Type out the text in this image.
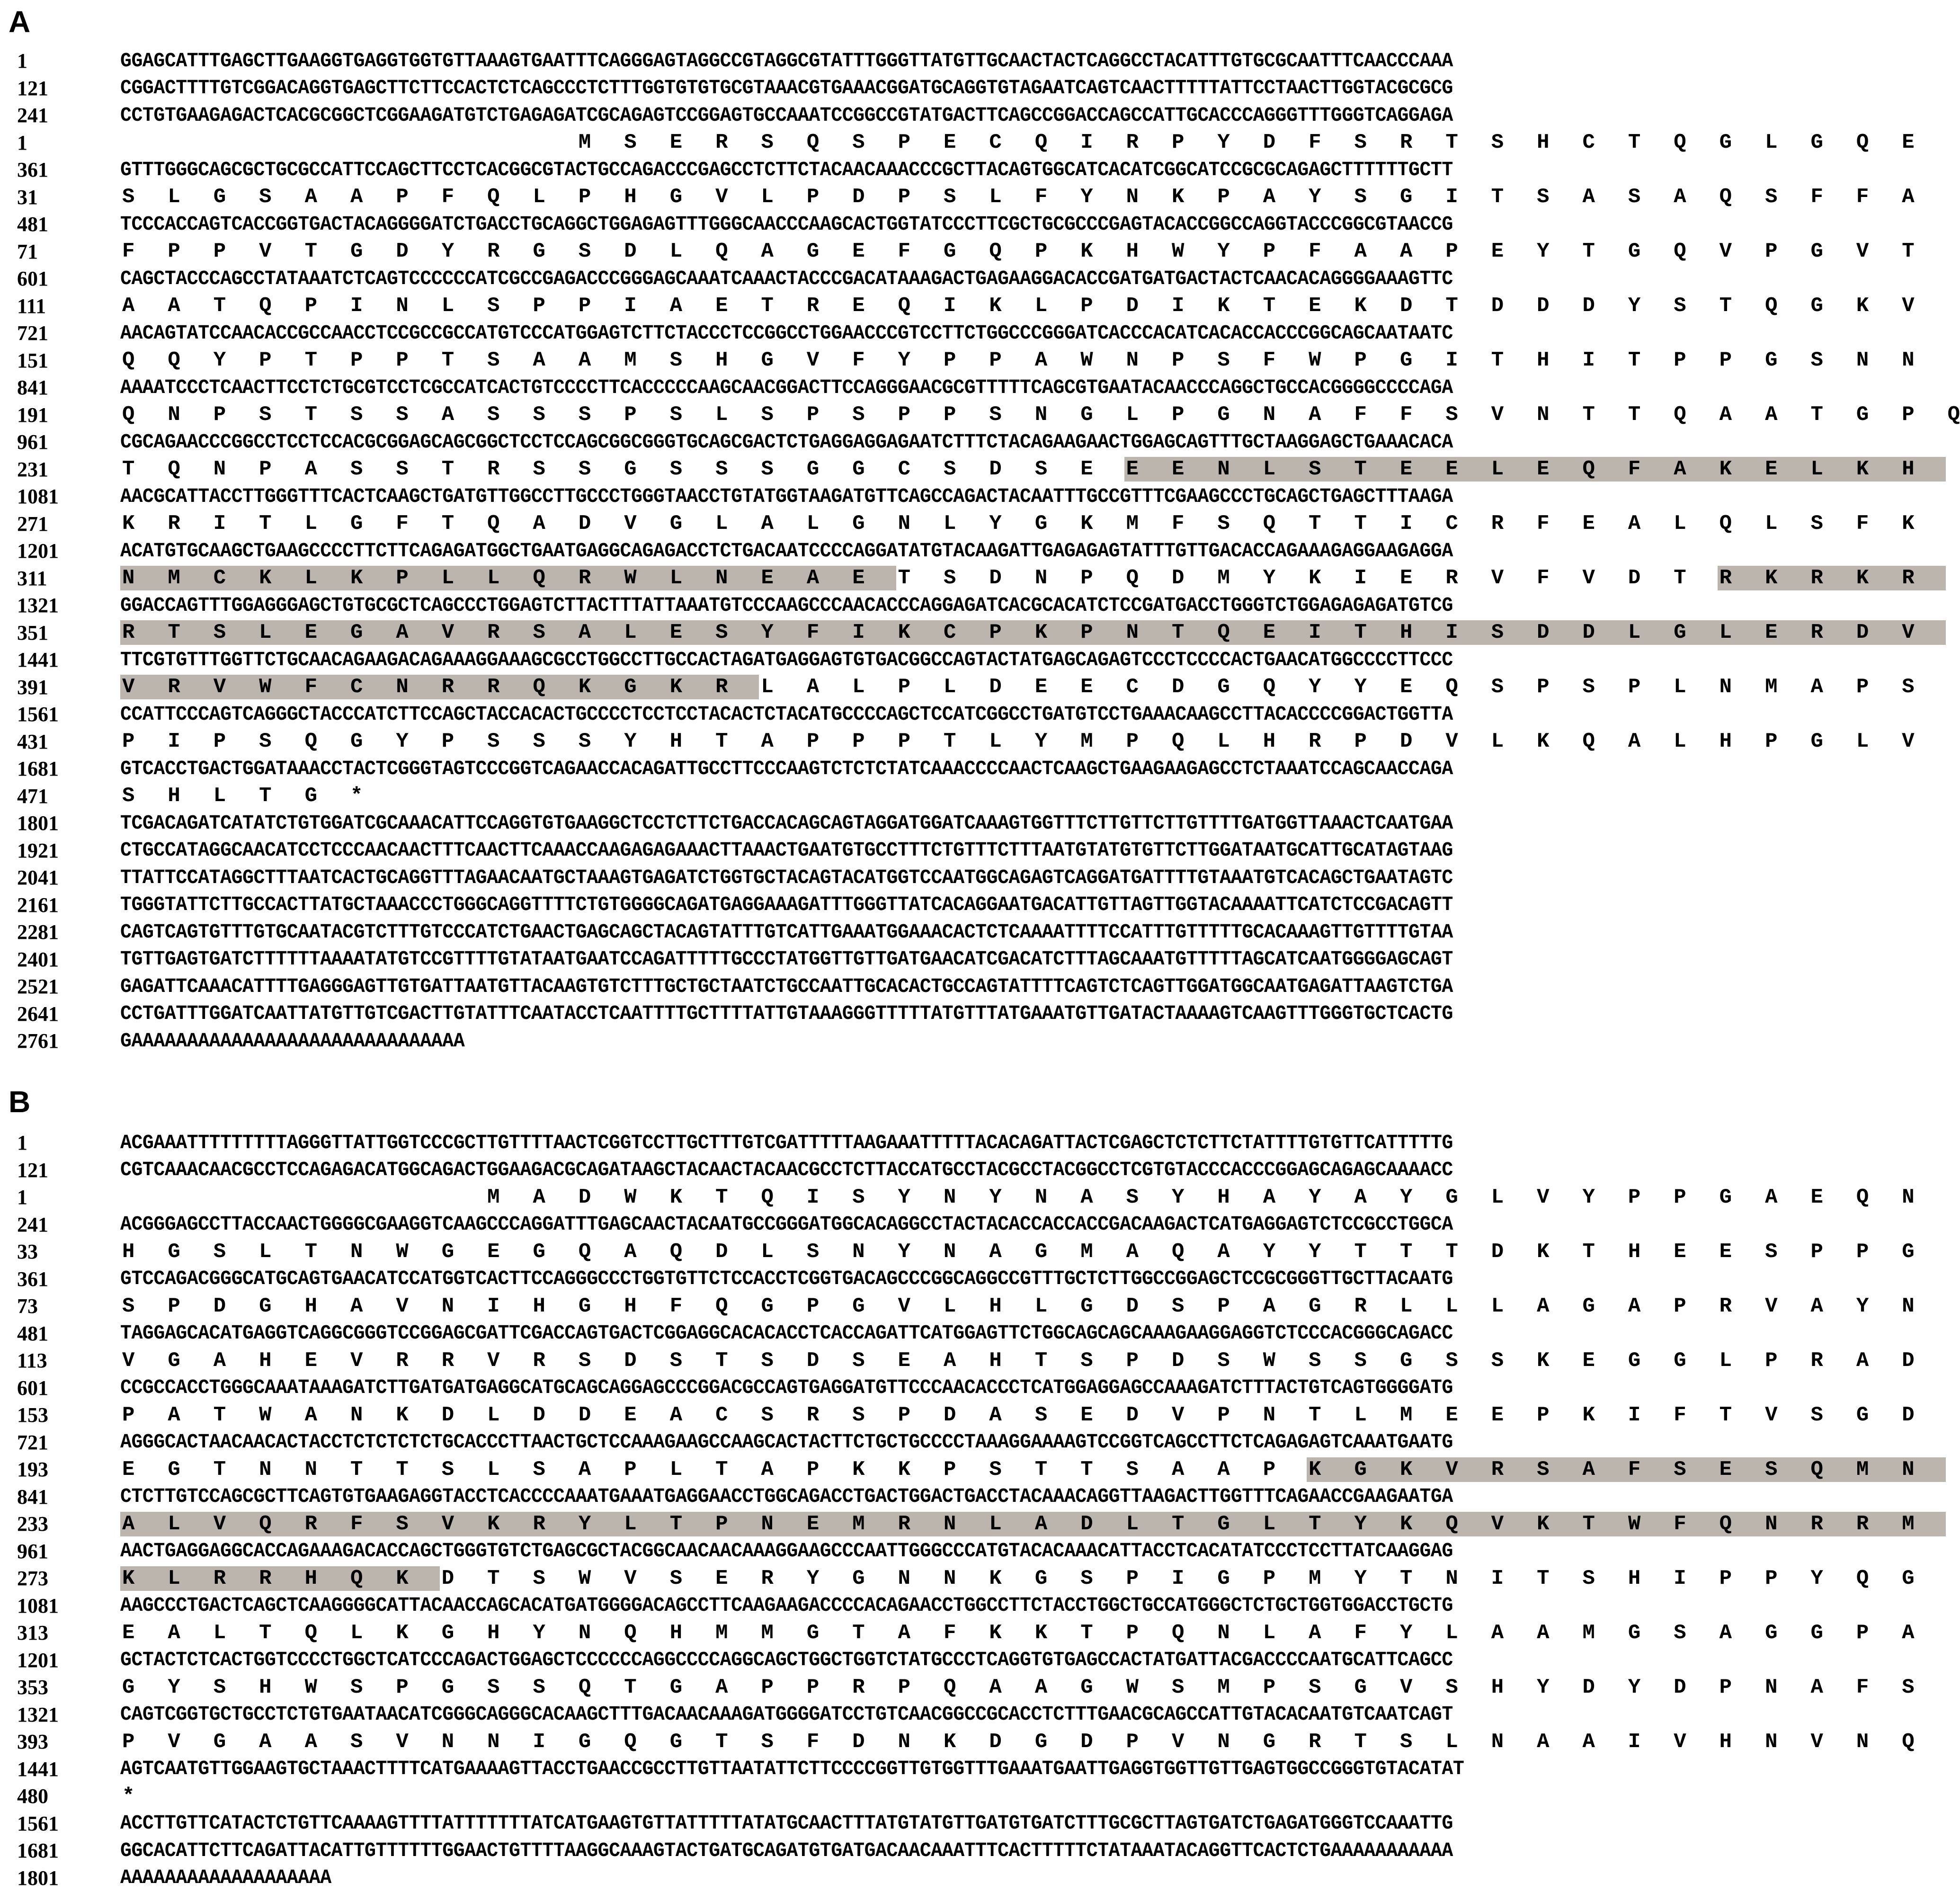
A
1	GGAGCATTTGAGCTTGAAGGTGAGGTGGTGTTAAAGTGAATTTCAGGGAGTAGGCCGTAGGCGTATTTGGGTTATGTTGCAACTACTCAGGCCTACATTTGTGCGCAATTTCAACCCAAA
121	CGGACTTTTGTCGGACAGGTGAGCTTCTTCCACTCTCAGCCCTCTTTGGTGTGTGCGTAAACGTGAAACGGATGCAGGTGTAGAATCAGTCAACTTTTTATTCCTAACTTGGTACGCGCG
241	CCTGTGAAGAGACTCACGCGGCTCGGAAGATGTCTGAGAGATCGCAGAGTCCGGAGTGCCAAATCCGGCCGTATGACTTCAGCCGGACCAGCCATTGCACCCAGGGTTTGGGTCAGGAGA
1	M	S	E	R	S	Q	S	P	E	C	Q	I	R	P	Y	D	F	S	R	T	S	H	C	T	Q	G	L	G	Q	E
361	GTTTGGGCAGCGCTGCGCCATTCCAGCTTCCTCACGGCGTACTGCCAGACCCGAGCCTCTTCTACAACAAACCCGCTTACAGTGGCATCACATCGGCATCCGCGCAGAGCTTTTTTGCTT
31	S	L	G	S	A	A	P	F	Q	L	P	H	G	V	L	P	D	P	S	L	F	Y	N	K	P	A	Y	S	G	I	T	S	A	S	A	Q	S	F	F	A
481	TCCCACCAGTCACCGGTGACTACAGGGGATCTGACCTGCAGGCTGGAGAGTTTGGGCAACCCAAGCACTGGTATCCCTTCGCTGCGCCCGAGTACACCGGCCAGGTACCCGGCGTAACCG
71	F	P	P	V	T	G	D	Y	R	G	S	D	L	Q	A	G	E	F	G	Q	P	K	H	W	Y	P	F	A	A	P	E	Y	T	G	Q	V	P	G	V	T
601	CAGCTACCCAGCCTATAAATCTCAGTCCCCCCATCGCCGAGACCCGGGAGCAAATCAAACTACCCGACATAAAGACTGAGAAGGACACCGATGATGACTACTCAACACAGGGGAAAGTTC
111	A	A	T	Q	P	I	N	L	S	P	P	I	A	E	T	R	E	Q	I	K	L	P	D	I	K	T	E	K	D	T	D	D	D	Y	S	T	Q	G	K	V
721	AACAGTATCCAACACCGCCAACCTCCGCCGCCATGTCCCATGGAGTCTTCTACCCTCCGGCCTGGAACCCGTCCTTCTGGCCCGGGATCACCCACATCACACCACCCGGCAGCAATAATC
151	Q	Q	Y	P	T	P	P	T	S	A	A	M	S	H	G	V	F	Y	P	P	A	W	N	P	S	F	W	P	G	I	T	H	I	T	P	P	G	S	N	N
841	AAAATCCCTCAACTTCCTCTGCGTCCTCGCCATCACTGTCCCCTTCACCCCCAAGCAACGGACTTCCAGGGAACGCGTTTTTCAGCGTGAATACAACCCAGGCTGCCACGGGGCCCCAGA
191	Q	N	P	S	T	S	S	A	S	S	S	P	S	L	S	P	S	P	P	S	N	G	L	P	G	N	A	F	F	S	V	N	T	T	Q	A	A	T	G	P	Q
961	CGCAGAACCCGGCCTCCTCCACGCGGAGCAGCGGCTCCTCCAGCGGCGGGTGCAGCGACTCTGAGGAGGAGAATCTTTCTACAGAAGAACTGGAGCAGTTTGCTAAGGAGCTGAAACACA
231	T	Q	N	P	A	S	S	T	R	S	S	G	S	S	S	G	G	C	S	D	S	E	E	E	N	L	S	T	E	E	L	E	Q	F	A	K	E	L	K	H
1081	AACGCATTACCTTGGGTTTCACTCAAGCTGATGTTGGCCTTGCCCTGGGTAACCTGTATGGTAAGATGTTCAGCCAGACTACAATTTGCCGTTTCGAAGCCCTGCAGCTGAGCTTTAAGA
271	K	R	I	T	L	G	F	T	Q	A	D	V	G	L	A	L	G	N	L	Y	G	K	M	F	S	Q	T	T	I	C	R	F	E	A	L	Q	L	S	F	K
1201	ACATGTGCAAGCTGAAGCCCCTTCTTCAGAGATGGCTGAATGAGGCAGAGACCTCTGACAATCCCCAGGATATGTACAAGATTGAGAGAGTATTTGTTGACACCAGAAAGAGGAAGAGGA
311	N	M	C	K	L	K	P	L	L	Q	R	W	L	N	E	A	E	T	S	D	N	P	Q	D	M	Y	K	I	E	R	V	F	V	D	T	R	K	R	K	R
1321	GGACCAGTTTGGAGGGAGCTGTGCGCTCAGCCCTGGAGTCTTACTTTATTAAATGTCCCAAGCCCAACACCCAGGAGATCACGCACATCTCCGATGACCTGGGTCTGGAGAGAGATGTCG
351	R	T	S	L	E	G	A	V	R	S	A	L	E	S	Y	F	I	K	C	P	K	P	N	T	Q	E	I	T	H	I	S	D	D	L	G	L	E	R	D	V
1441	TTCGTGTTTGGTTCTGCAACAGAAGACAGAAAGGAAAGCGCCTGGCCTTGCCACTAGATGAGGAGTGTGACGGCCAGTACTATGAGCAGAGTCCCTCCCCACTGAACATGGCCCCTTCCC
391	V	R	V	W	F	C	N	R	R	Q	K	G	K	R	L	A	L	P	L	D	E	E	C	D	G	Q	Y	Y	E	Q	S	P	S	P	L	N	M	A	P	S
1561	CCATTCCCAGTCAGGGCTACCCATCTTCCAGCTACCACACTGCCCCTCCTCCTACACTCTACATGCCCCAGCTCCATCGGCCTGATGTCCTGAAACAAGCCTTACACCCCGGACTGGTTA
431	P	I	P	S	Q	G	Y	P	S	S	S	Y	H	T	A	P	P	P	T	L	Y	M	P	Q	L	H	R	P	D	V	L	K	Q	A	L	H	P	G	L	V
1681	GTCACCTGACTGGATAAACCTACTCGGGTAGTCCCGGTCAGAACCACAGATTGCCTTCCCAAGTCTCTCTATCAAACCCCAACTCAAGCTGAAGAAGAGCCTCTAAATCCAGCAACCAGA
471	S	H	L	T	G	*
1801	TCGACAGATCATATCTGTGGATCGCAAACATTCCAGGTGTGAAGGCTCCTCTTCTGACCACAGCAGTAGGATGGATCAAAGTGGTTTCTTGTTCTTGTTTTGATGGTTAAACTCAATGAA
1921	CTGCCATAGGCAACATCCTCCCAACAACTTTCAACTTCAAACCAAGAGAGAAACTTAAACTGAATGTGCCTTTCTGTTTCTTTAATGTATGTGTTCTTGGATAATGCATTGCATAGTAAG
2041	TTATTCCATAGGCTTTAATCACTGCAGGTTTAGAACAATGCTAAAGTGAGATCTGGTGCTACAGTACATGGTCCAATGGCAGAGTCAGGATGATTTTGTAAATGTCACAGCTGAATAGTC
2161	TGGGTATTCTTGCCACTTATGCTAAACCCTGGGCAGGTTTTCTGTGGGGCAGATGAGGAAAGATTTGGGTTATCACAGGAATGACATTGTTAGTTGGTACAAAATTCATCTCCGACAGTT
2281	CAGTCAGTGTTTGTGCAATACGTCTTTGTCCCATCTGAACTGAGCAGCTACAGTATTTGTCATTGAAATGGAAACACTCTCAAAATTTTCCATTTGTTTTTGCACAAAGTTGTTTTGTAA
2401	TGTTGAGTGATCTTTTTTAAAATATGTCCGTTTTGTATAATGAATCCAGATTTTTGCCCTATGGTTGTTGATGAACATCGACATCTTTAGCAAATGTTTTTAGCATCAATGGGGAGCAGT
2521	GAGATTCAAACATTTTGAGGGAGTTGTGATTAATGTTACAAGTGTCTTTGCTGCTAATCTGCCAATTGCACACTGCCAGTATTTTCAGTCTCAGTTGGATGGCAATGAGATTAAGTCTGA
2641	CCTGATTTGGATCAATTATGTTGTCGACTTGTATTTCAATACCTCAATTTTGCTTTTATTGTAAAGGGTTTTTATGTTTATGAAATGTTGATACTAAAAGTCAAGTTTGGGTGCTCACTG
2761	GAAAAAAAAAAAAAAAAAAAAAAAAAAAAAA
B
1	ACGAAATTTTTTTTTAGGGTTATTGGTCCCGCTTGTTTTAACTCGGTCCTTGCTTTGTCGATTTTTAAGAAATTTTTACACAGATTACTCGAGCTCTCTTCTATTTTGTGTTCATTTTTG
121	CGTCAAACAACGCCTCCAGAGACATGGCAGACTGGAAGACGCAGATAAGCTACAACTACAACGCCTCTTACCATGCCTACGCCTACGGCCTCGTGTACCCACCCGGAGCAGAGCAAAACC
1	M	A	D	W	K	T	Q	I	S	Y	N	Y	N	A	S	Y	H	A	Y	A	Y	G	L	V	Y	P	P	G	A	E	Q	N
241	ACGGGAGCCTTACCAACTGGGGCGAAGGTCAAGCCCAGGATTTGAGCAACTACAATGCCGGGATGGCACAGGCCTACTACACCACCACCGACAAGACTCATGAGGAGTCTCCGCCTGGCA
33	H	G	S	L	T	N	W	G	E	G	Q	A	Q	D	L	S	N	Y	N	A	G	M	A	Q	A	Y	Y	T	T	T	D	K	T	H	E	E	S	P	P	G
361	GTCCAGACGGGCATGCAGTGAACATCCATGGTCACTTCCAGGGCCCTGGTGTTCTCCACCTCGGTGACAGCCCGGCAGGCCGTTTGCTCTTGGCCGGAGCTCCGCGGGTTGCTTACAATG
73	S	P	D	G	H	A	V	N	I	H	G	H	F	Q	G	P	G	V	L	H	L	G	D	S	P	A	G	R	L	L	L	A	G	A	P	R	V	A	Y	N
481	TAGGAGCACATGAGGTCAGGCGGGTCCGGAGCGATTCGACCAGTGACTCGGAGGCACACACCTCACCAGATTCATGGAGTTCTGGCAGCAGCAAAGAAGGAGGTCTCCCACGGGCAGACC
113	V	G	A	H	E	V	R	R	V	R	S	D	S	T	S	D	S	E	A	H	T	S	P	D	S	W	S	S	G	S	S	K	E	G	G	L	P	R	A	D
601	CCGCCACCTGGGCAAATAAAGATCTTGATGATGAGGCATGCAGCAGGAGCCCGGACGCCAGTGAGGATGTTCCCAACACCCTCATGGAGGAGCCAAAGATCTTTACTGTCAGTGGGGATG
153	P	A	T	W	A	N	K	D	L	D	D	E	A	C	S	R	S	P	D	A	S	E	D	V	P	N	T	L	M	E	E	P	K	I	F	T	V	S	G	D
721	AGGGCACTAACAACACTACCTCTCTCTCTGCACCCTTAACTGCTCCAAAGAAGCCAAGCACTACTTCTGCTGCCCCTAAAGGAAAAGTCCGGTCAGCCTTCTCAGAGAGTCAAATGAATG
193	E	G	T	N	N	T	T	S	L	S	A	P	L	T	A	P	K	K	P	S	T	T	S	A	A	P	K	G	K	V	R	S	A	F	S	E	S	Q	M	N
841	CTCTTGTCCAGCGCTTCAGTGTGAAGAGGTACCTCACCCCAAATGAAATGAGGAACCTGGCAGACCTGACTGGACTGACCTACAAACAGGTTAAGACTTGGTTTCAGAACCGAAGAATGA
233	A	L	V	Q	R	F	S	V	K	R	Y	L	T	P	N	E	M	R	N	L	A	D	L	T	G	L	T	Y	K	Q	V	K	T	W	F	Q	N	R	R	M
961	AACTGAGGAGGCACCAGAAAGACACCAGCTGGGTGTCTGAGCGCTACGGCAACAACAAAGGAAGCCCAATTGGGCCCATGTACACAAACATTACCTCACATATCCCTCCTTATCAAGGAG
273	K	L	R	R	H	Q	K	D	T	S	W	V	S	E	R	Y	G	N	N	K	G	S	P	I	G	P	M	Y	T	N	I	T	S	H	I	P	P	Y	Q	G
1081	AAGCCCTGACTCAGCTCAAGGGGCATTACAACCAGCACATGATGGGGACAGCCTTCAAGAAGACCCCACAGAACCTGGCCTTCTACCTGGCTGCCATGGGCTCTGCTGGTGGACCTGCTG
313	E	A	L	T	Q	L	K	G	H	Y	N	Q	H	M	M	G	T	A	F	K	K	T	P	Q	N	L	A	F	Y	L	A	A	M	G	S	A	G	G	P	A
1201	GCTACTCTCACTGGTCCCCTGGCTCATCCCAGACTGGAGCTCCCCCCAGGCCCCAGGCAGCTGGCTGGTCTATGCCCTCAGGTGTGAGCCACTATGATTACGACCCCAATGCATTCAGCC
353	G	Y	S	H	W	S	P	G	S	S	Q	T	G	A	P	P	R	P	Q	A	A	G	W	S	M	P	S	G	V	S	H	Y	D	Y	D	P	N	A	F	S
1321	CAGTCGGTGCTGCCTCTGTGAATAACATCGGGCAGGGCACAAGCTTTGACAACAAAGATGGGGATCCTGTCAACGGCCGCACCTCTTTGAACGCAGCCATTGTACACAATGTCAATCAGT
393	P	V	G	A	A	S	V	N	N	I	G	Q	G	T	S	F	D	N	K	D	G	D	P	V	N	G	R	T	S	L	N	A	A	I	V	H	N	V	N	Q
1441	AGTCAATGTTGGAAGTGCTAAACTTTTCATGAAAAGTTACCTGAACCGCCTTGTTAATATTCTTCCCCGGTTGTGGTTTGAAATGAATTGAGGTGGTTGTTGAGTGGCCGGGTGTACATAT
480	*
1561	ACCTTGTTCATACTCTGTTCAAAAGTTTTATTTTTTTATCATGAAGTGTTATTTTTATATGCAACTTTATGTATGTTGATGTGATCTTTGCGCTTAGTGATCTGAGATGGGTCCAAATTG
1681	GGCACATTCTTCAGATTACATTGTTTTTTGGAACTGTTTTAAGGCAAAGTACTGATGCAGATGTGATGACAACAAATTTCACTTTTTCTATAAATACAGGTTCACTCTGAAAAAAAAAAA
1801	AAAAAAAAAAAAAAAAAAA
